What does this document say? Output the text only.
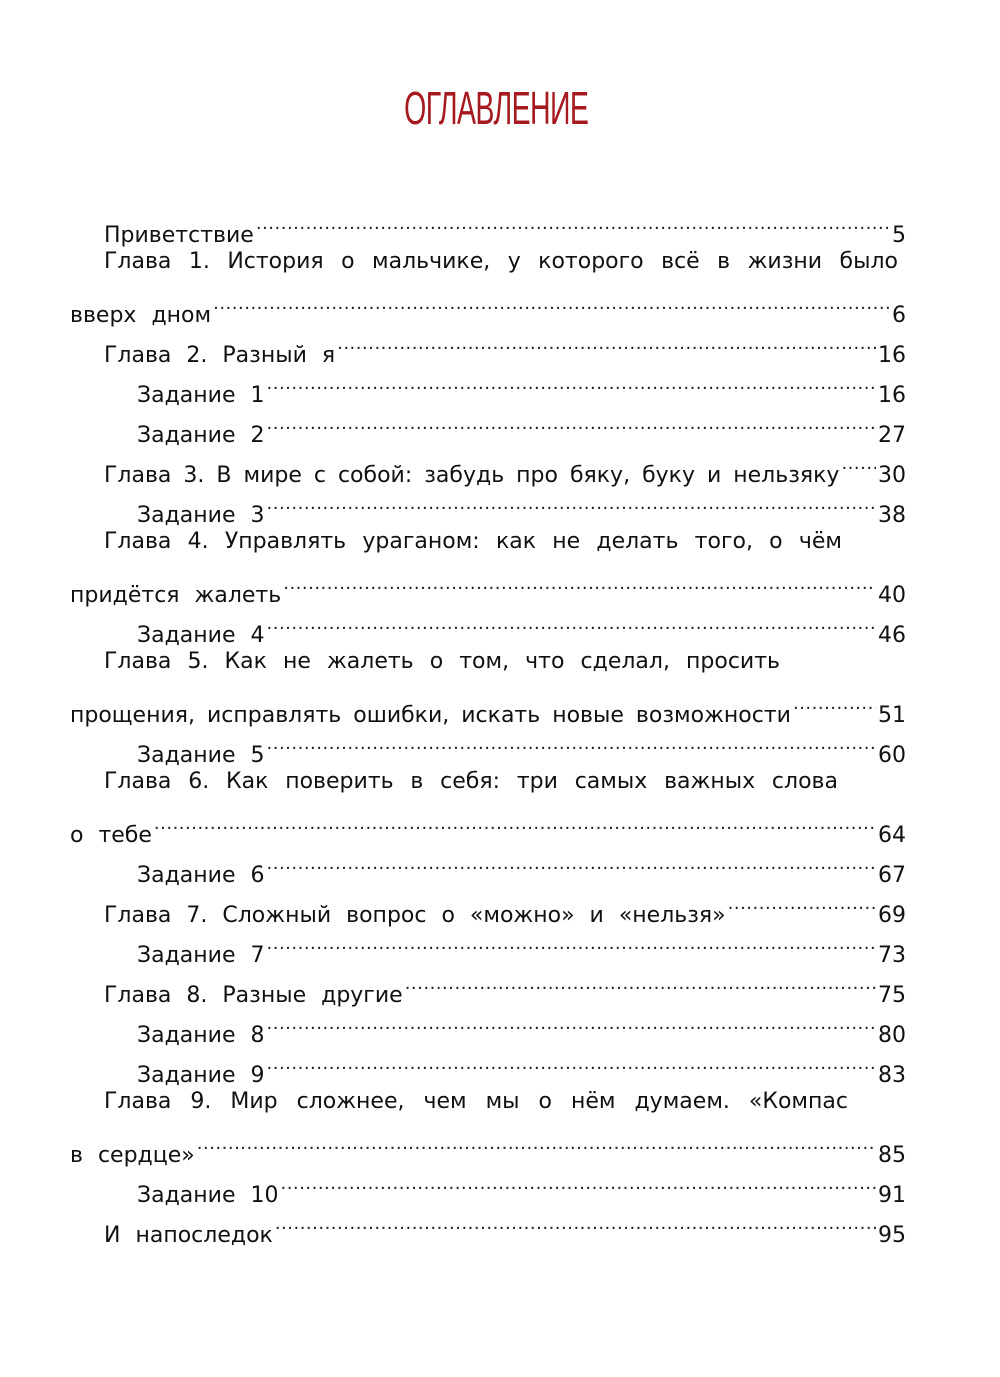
ОГЛАВЛЕНИЕ
Приветствие .....	5
Глава 1. История о мальчике, у которого всё в жизни было
вверх дном .....	6
Глава 2. Разный я .....	16
Задание 1 .....	16
Задание 2 .....	27
Глава 3. В мире с собой: забудь про бяку, буку и нельзяку ..... 30
Задание 3 .....	38
Глава 4. Управлять ураганом: как не делать того, о чём
придётся жалеть .....	40
Задание 4 .....	46
Глава 5. Как не жалеть о том, что сделал, просить
прощения, исправлять ошибки, искать новые возможности .....	51
Задание 5 .....	60
Глава 6. Как поверить в себя: три самых важных слова
о тебе .....	64
Задание 6 .....	67
Глава 7. Сложный вопрос о «можно» и «нельзя» .....	69
Задание 7 .....	73
Глава 8. Разные другие .....	75
Задание 8 .....	80
Задание 9 .....	83
Глава 9. Мир сложнее, чем мы о нём думаем. «Компас
в сердце» .....	85
Задание 10 .....	91
И напоследок .....	95
